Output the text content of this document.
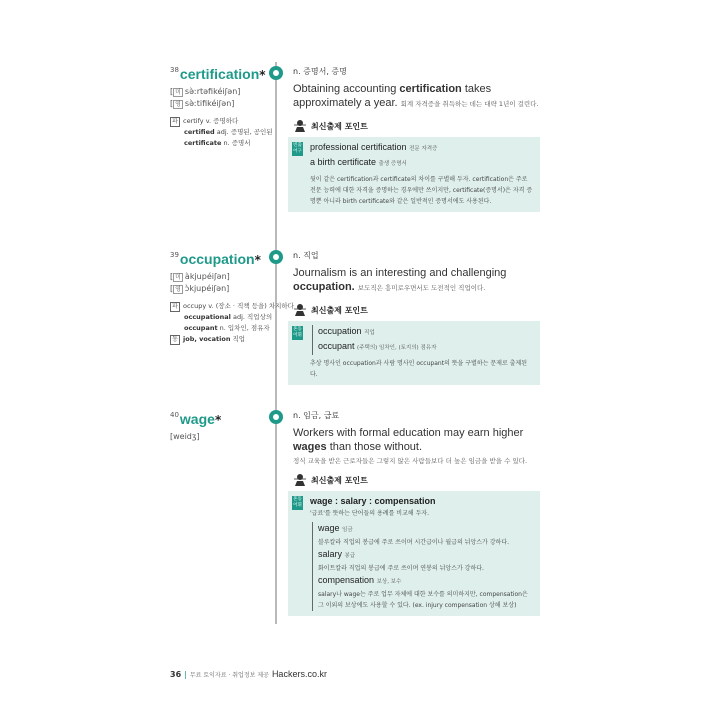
$^{38}$certification*
[ 미 sə̀ːrtəfikéiʃən]
[ 영 sə̀ːtifikéiʃən]
파 certify v. 증명하다
certified adj. 증명된, 공인된
certificate n. 증명서
n. 증명서, 증명
Obtaining accounting certification takes approximately a year. 회계 자격증을 취득하는 데는 대략 1년이 걸린다.
최신출제 포인트
빈출 어구 professional certification 전문 자격증
a birth certificate 출생 증명서
뒷이 같은 certification과 certificate의 차이를 구별해 두자. certification은 주로 전문 능력에 대한 자격을 증명하는 경우에만 쓰이지만, certificate(증명서)은 자격 증명뿐 아니라 birth certificate와 같은 일반적인 증명서에도 사용된다.
$^{39}$occupation*
[ 미 àkjupéiʃən]
[ 영 ɔ̀kjupéiʃən]
파 occupy v. (장소 · 직책 등을) 차지하다
occupational adj. 직업상의
occupant n. 입차인, 점유자
동 job, vocation 직업
n. 직업
Journalism is an interesting and challenging occupation. 보도직은 흥미로우면서도 도전적인 직업이다.
최신출제 포인트
혼동 어휘 occupation 직업
occupant (주택의) 임차인, (토지의) 점유자
추상 명사인 occupation과 사람 명사인 occupant의 뜻을 구별하는 문제로 출제된다.
$^{40}$wage*
[weidʒ]
n. 임금, 급료
Workers with formal education may earn higher wages than those without.
정식 교육을 받은 근로자들은 그렇지 않은 사람들보다 더 높은 임금을 받을 수 있다.
최신출제 포인트
혼동 어휘 wage : salary : compensation
'급료'를 뜻하는 단어들의 용례를 비교해 두자.
wage 임금
블루칼라 직업의 봉급에 주로 쓰이며 시간급이나 월급의 뉘앙스가 강하다.
salary 봉급
화이트칼라 직업의 봉급에 주로 쓰이며 연봉의 뉘앙스가 강하다.
compensation 보상, 보수
salary나 wage는 주로 업무 자체에 대한 보수를 의미하지만, compensation은 그 이외의 보상에도 사용할 수 있다. (ex. injury compensation 상해 보상)
36 | 무료 토익자료 · 취업정보 제공 Hackers.co.kr
